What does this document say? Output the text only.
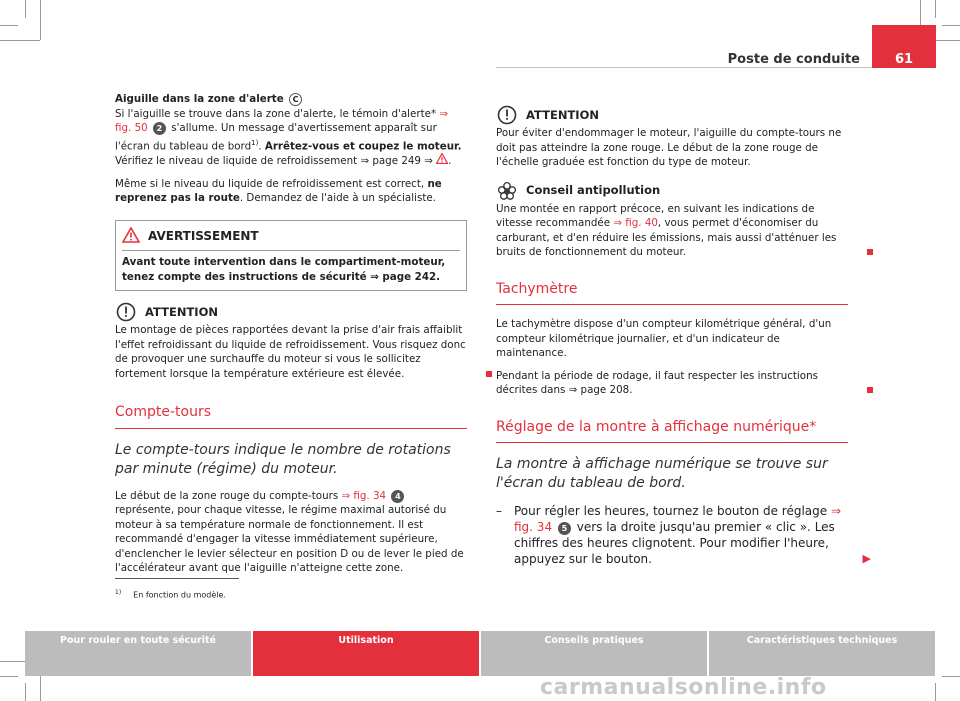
Poste de conduite	61

Aiguille dans la zone d'alerte C
Si l'aiguille se trouve dans la zone d'alerte, le témoin d'alerte* ⇒ fig. 50 2 s'allume. Un message d'avertissement apparaît sur l'écran du tableau de bord$^{1)}$. Arrêtez-vous et coupez le moteur. Vérifiez le niveau de liquide de refroidissement ⇒ page 249 ⇒ .

Même si le niveau du liquide de refroidissement est correct, ne reprenez pas la route. Demandez de l'aide à un spécialiste.

AVERTISSEMENT
Avant toute intervention dans le compartiment-moteur, tenez compte des instructions de sécurité ⇒ page 242.
ATTENTION

Le montage de pièces rapportées devant la prise d'air frais affaiblit l'effet refroidissant du liquide de refroidissement. Vous risquez donc de provoquer une surchauffe du moteur si vous le sollicitez fortement lorsque la température extérieure est élevée.

Compte-tours
Le compte-tours indique le nombre de rotations par minute (régime) du moteur.

Le début de la zone rouge du compte-tours ⇒ fig. 34 4 représente, pour chaque vitesse, le régime maximal autorisé du moteur à sa température normale de fonctionnement. Il est recommandé d'engager la vitesse immédiatement supérieure, d'enclencher le levier sélecteur en position D ou de lever le pied de l'accélérateur avant que l'aiguille n'atteigne cette zone.

ATTENTION

Pour éviter d'endommager le moteur, l'aiguille du compte-tours ne doit pas atteindre la zone rouge. Le début de la zone rouge de l'échelle graduée est fonction du type de moteur.

Conseil antipollution

Une montée en rapport précoce, en suivant les indications de vitesse recommandée ⇒ fig. 40, vous permet d'économiser du carburant, et d'en réduire les émissions, mais aussi d'atténuer les bruits de fonctionnement du moteur.

Tachymètre

Le tachymètre dispose d'un compteur kilométrique général, d'un compteur kilométrique journalier, et d'un indicateur de maintenance.

Pendant la période de rodage, il faut respecter les instructions décrites dans ⇒ page 208.

Réglage de la montre à affichage numérique*
La montre à affichage numérique se trouve sur l'écran du tableau de bord.
– Pour régler les heures, tournez le bouton de réglage ⇒ fig. 34 5 vers la droite jusqu'au premier « clic ». Les chiffres des heures clignotent. Pour modifier l'heure, appuyez sur le bouton.	▶
$^{1)}$ En fonction du modèle.
Pour rouler en toute sécurité	Utilisation	Conseils pratiques	Caractéristiques techniques
carmanualsonline.info
